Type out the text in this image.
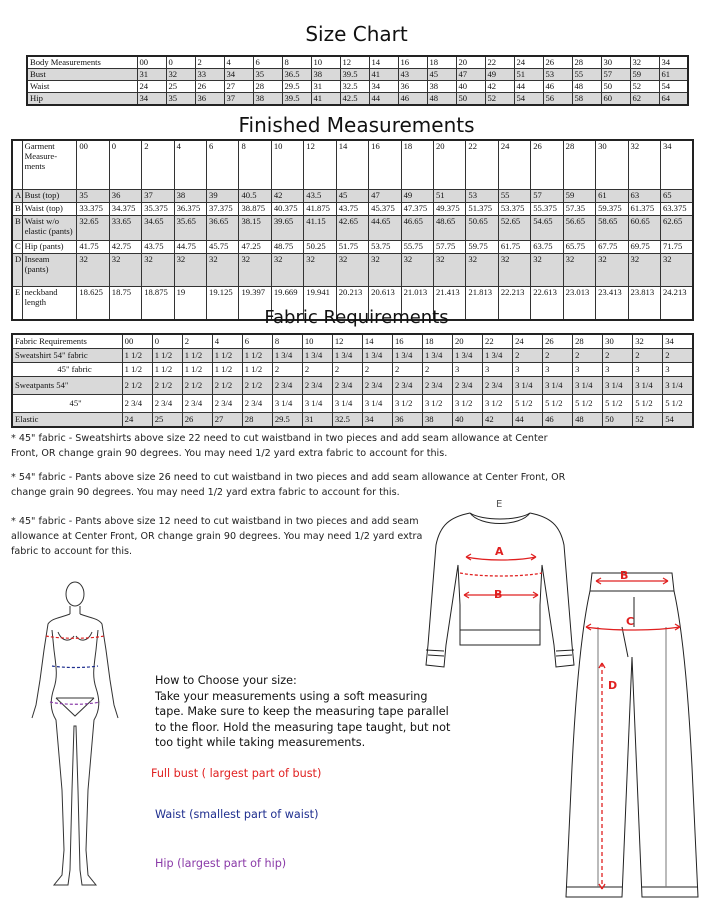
Size Chart
Body Measurements	00	0	2	4	6	8	10	12	14	16	18	20	22	24	26	28	30	32	34
Bust	31	32	33	34	35	36.5	38	39.5	41	43	45	47	49	51	53	55	57	59	61
Waist	24	25	26	27	28	29.5	31	32.5	34	36	38	40	42	44	46	48	50	52	54
Hip	34	35	36	37	38	39.5	41	42.5	44	46	48	50	52	54	56	58	60	62	64
Finished Measurements
	Garment Measure- ments	00	0	2	4	6	8	10	12	14	16	18	20	22	24	26	28	30	32	34
A	Bust (top)	35	36	37	38	39	40.5	42	43.5	45	47	49	51	53	55	57	59	61	63	65
B	Waist (top)	33.375	34.375	35.375	36.375	37.375	38.875	40.375	41.875	43.75	45.375	47.375	49.375	51.375	53.375	55.375	57.35	59.375	61.375	63.375
B	Waist w/o elastic (pants)	32.65	33.65	34.65	35.65	36.65	38.15	39.65	41.15	42.65	44.65	46.65	48.65	50.65	52.65	54.65	56.65	58.65	60.65	62.65
C	Hip (pants)	41.75	42.75	43.75	44.75	45.75	47.25	48.75	50.25	51.75	53.75	55.75	57.75	59.75	61.75	63.75	65.75	67.75	69.75	71.75
D	Inseam (pants)	32	32	32	32	32	32	32	32	32	32	32	32	32	32	32	32	32	32	32
E	neckband length	18.625	18.75	18.875	19	19.125	19.397	19.669	19.941	20.213	20.613	21.013	21.413	21.813	22.213	22.613	23.013	23.413	23.813	24.213
Fabric Requirements
Fabric Requirements	00	0	2	4	6	8	10	12	14	16	18	20	22	24	26	28	30	32	34
Sweatshirt 54" fabric	1 1/2	1 1/2	1 1/2	1 1/2	1 1/2	1 3/4	1 3/4	1 3/4	1 3/4	1 3/4	1 3/4	1 3/4	1 3/4	2	2	2	2	2	2
45" fabric	1 1/2	1 1/2	1 1/2	1 1/2	1 1/2	2	2	2	2	2	2	3	3	3	3	3	3	3	3
Sweatpants 54"	2 1/2	2 1/2	2 1/2	2 1/2	2 1/2	2 3/4	2 3/4	2 3/4	2 3/4	2 3/4	2 3/4	2 3/4	2 3/4	3 1/4	3 1/4	3 1/4	3 1/4	3 1/4	3 1/4
45"	2 3/4	2 3/4	2 3/4	2 3/4	2 3/4	3 1/4	3 1/4	3 1/4	3 1/4	3 1/2	3 1/2	3 1/2	3 1/2	5 1/2	5 1/2	5 1/2	5 1/2	5 1/2	5 1/2
Elastic	24	25	26	27	28	29.5	31	32.5	34	36	38	40	42	44	46	48	50	52	54
* 45" fabric - Sweatshirts above size 22 need to cut waistband in two pieces and add seam allowance at Center Front, OR change grain 90 degrees. You may need 1/2 yard extra fabric to account for this.
* 54" fabric - Pants above size 26 need to cut waistband in two pieces and add seam allowance at Center Front, OR change grain 90 degrees. You may need 1/2 yard extra fabric to account for this.
* 45" fabric - Pants above size 12 need to cut waistband in two pieces and add seam allowance at Center Front, OR change grain 90 degrees. You may need 1/2 yard extra fabric to account for this.
How to Choose your size:
Take your measurements using a soft measuring tape. Make sure to keep the measuring tape parallel to the floor. Hold the measuring tape taught, but not too tight while taking measurements.
Full bust ( largest part of bust)
Waist (smallest part of waist)
Hip (largest part of hip)
A
B
E
B
C
D
